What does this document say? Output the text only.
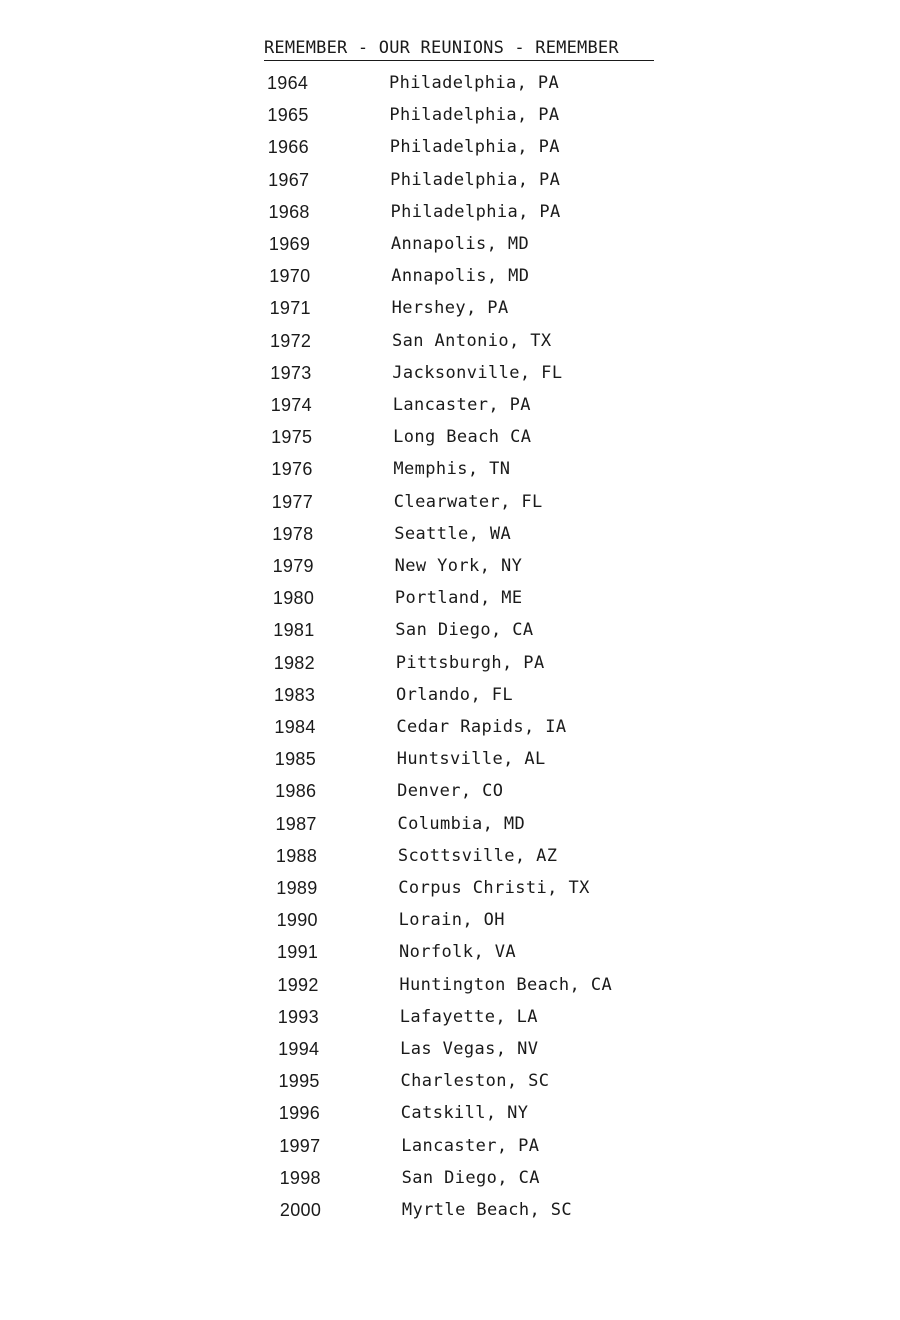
REMEMBER - OUR REUNIONS - REMEMBER
1964	Philadelphia, PA
1965	Philadelphia, PA
1966	Philadelphia, PA
1967	Philadelphia, PA
1968	Philadelphia, PA
1969	Annapolis, MD
1970	Annapolis, MD
1971	Hershey, PA
1972	San Antonio, TX
1973	Jacksonville, FL
1974	Lancaster, PA
1975	Long Beach CA
1976	Memphis, TN
1977	Clearwater, FL
1978	Seattle, WA
1979	New York, NY
1980	Portland, ME
1981	San Diego, CA
1982	Pittsburgh, PA
1983	Orlando, FL
1984	Cedar Rapids, IA
1985	Huntsville, AL
1986	Denver, CO
1987	Columbia, MD
1988	Scottsville, AZ
1989	Corpus Christi, TX
1990	Lorain, OH
1991	Norfolk, VA
1992	Huntington Beach, CA
1993	Lafayette, LA
1994	Las Vegas, NV
1995	Charleston, SC
1996	Catskill, NY
1997	Lancaster, PA
1998	San Diego, CA
2000	Myrtle Beach, SC
